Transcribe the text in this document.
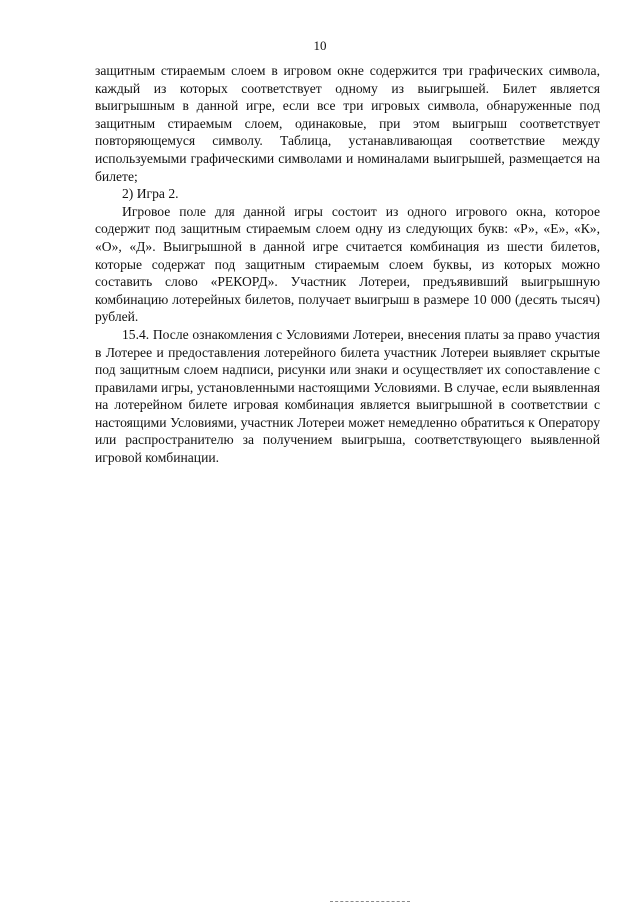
10

защитным стираемым слоем в игровом окне содержится три графических символа, каждый из которых соответствует одному из выигрышей. Билет является выигрышным в данной игре, если все три игровых символа, обнаруженные под защитным стираемым слоем, одинаковые, при этом выигрыш соответствует повторяющемуся символу. Таблица, устанавливающая соответствие между используемыми графическими символами и номиналами выигрышей, размещается на билете;

2) Игра 2.

Игровое поле для данной игры состоит из одного игрового окна, которое содержит под защитным стираемым слоем одну из следующих букв: «Р», «Е», «К», «О», «Д». Выигрышной в данной игре считается комбинация из шести билетов, которые содержат под защитным стираемым слоем буквы, из которых можно составить слово «РЕКОРД». Участник Лотереи, предъявивший выигрышную комбинацию лотерейных билетов, получает выигрыш в размере 10 000 (десять тысяч) рублей.

15.4. После ознакомления с Условиями Лотереи, внесения платы за право участия в Лотерее и предоставления лотерейного билета участник Лотереи выявляет скрытые под защитным слоем надписи, рисунки или знаки и осуществляет их сопоставление с правилами игры, установленными настоящими Условиями. В случае, если выявленная на лотерейном билете игровая комбинация является выигрышной в соответствии с настоящими Условиями, участник Лотереи может немедленно обратиться к Оператору или распространителю за получением выигрыша, соответствующего выявленной игровой комбинации.
